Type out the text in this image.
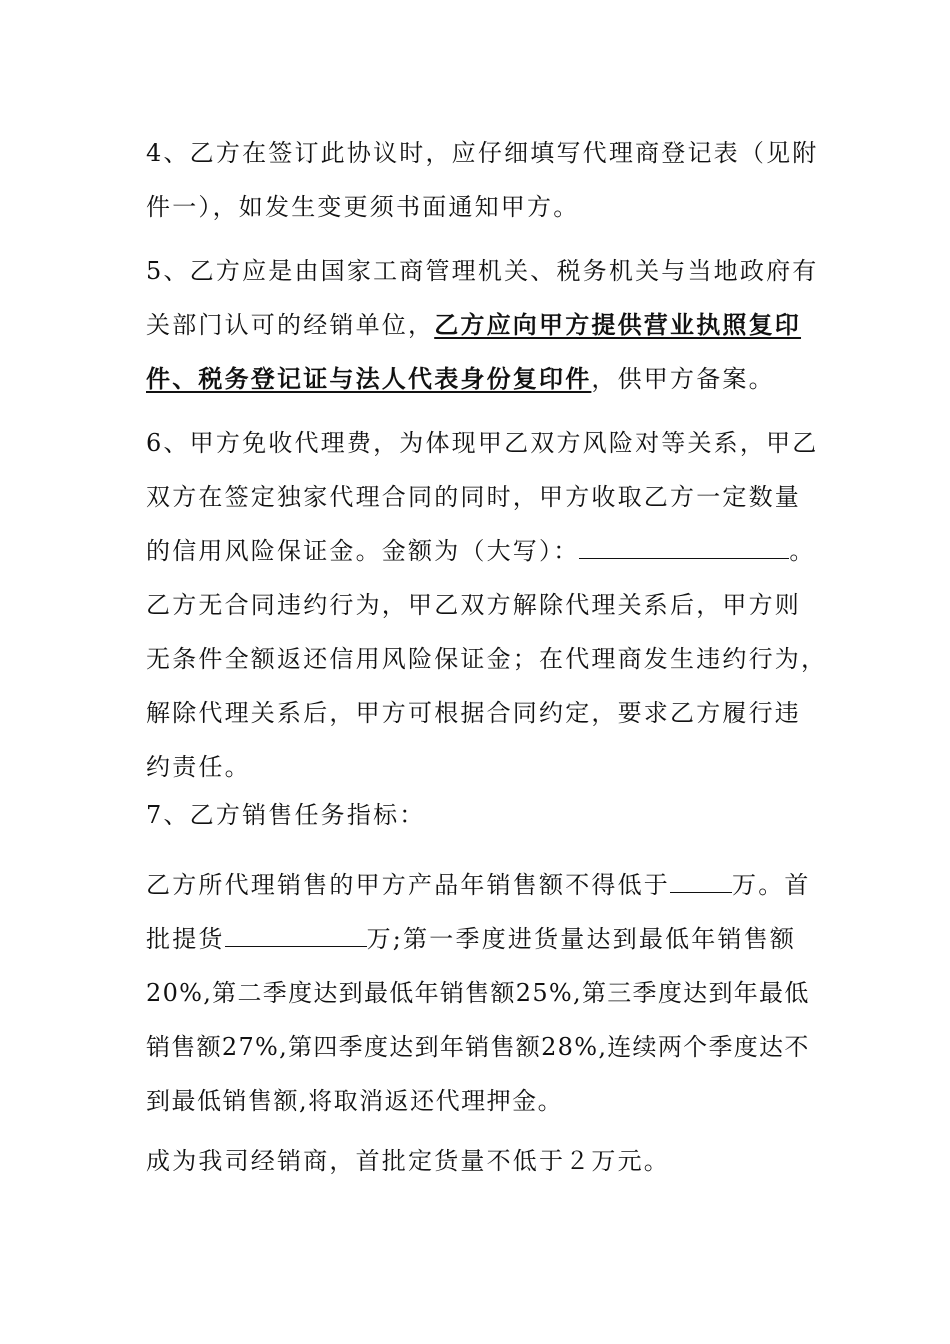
4、乙方在签订此协议时，应仔细填写代理商登记表（见附
件一），如发生变更须书面通知甲方。
5、乙方应是由国家工商管理机关、税务机关与当地政府有
关部门认可的经销单位，乙方应向甲方提供营业执照复印
件、税务登记证与法人代表身份复印件，供甲方备案。
6、甲方免收代理费，为体现甲乙双方风险对等关系，甲乙
双方在签定独家代理合同的同时，甲方收取乙方一定数量
的信用风险保证金。金额为（大写）：	。
乙方无合同违约行为，甲乙双方解除代理关系后，甲方则
无条件全额返还信用风险保证金；在代理商发生违约行为，
解除代理关系后，甲方可根据合同约定，要求乙方履行违
约责任。
7、乙方销售任务指标：
乙方所代理销售的甲方产品年销售额不得低于	万。首
批提货	万;第一季度进货量达到最低年销售额
20%,第二季度达到最低年销售额25%,第三季度达到年最低
销售额27%,第四季度达到年销售额28%,连续两个季度达不
到最低销售额,将取消返还代理押金。
成为我司经销商，首批定货量不低于２万元。
